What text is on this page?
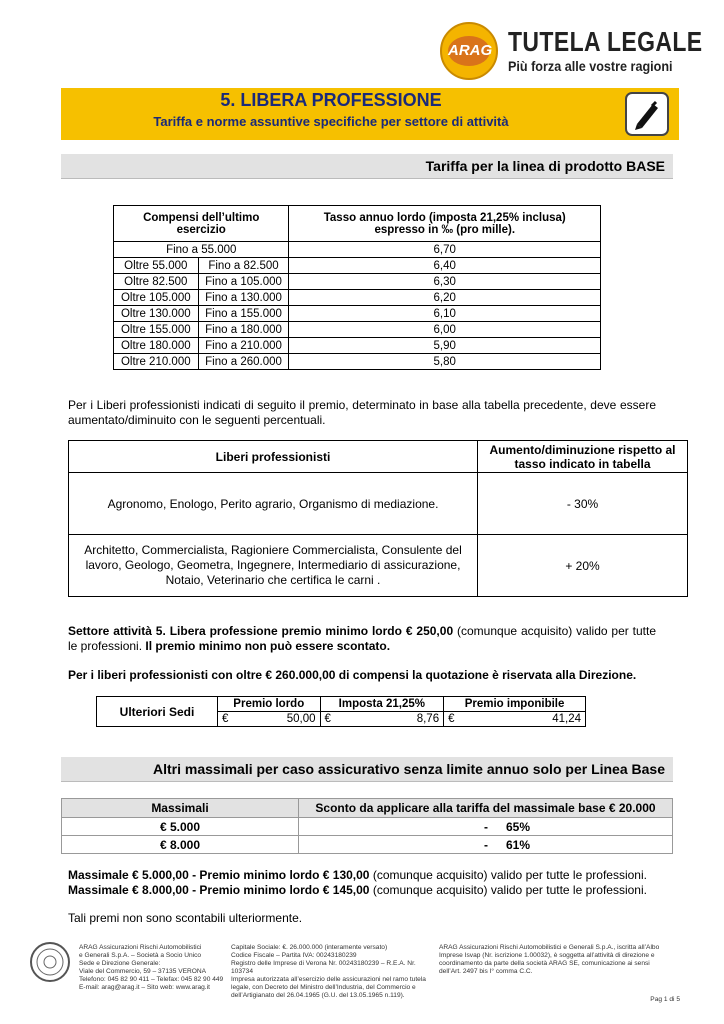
ARAG TUTELA LEGALE
Più forza alle vostre ragioni
5. LIBERA PROFESSIONE
Tariffa e norme assuntive specifiche per settore di attività
Tariffa per la linea di prodotto BASE
Compensi dell’ultimo esercizio		Tasso annuo lordo (imposta 21,25% inclusa) espresso in ‰ (pro mille).
Fino a 55.000		6,70
Oltre 55.000	Fino a 82.500	6,40
Oltre 82.500	Fino a 105.000	6,30
Oltre 105.000	Fino a 130.000	6,20
Oltre 130.000	Fino a 155.000	6,10
Oltre 155.000	Fino a 180.000	6,00
Oltre 180.000	Fino a 210.000	5,90
Oltre 210.000	Fino a 260.000	5,80
Per i Liberi professionisti indicati di seguito il premio, determinato in base alla tabella precedente, deve essere aumentato/diminuito con le seguenti percentuali.
Liberi professionisti	Aumento/diminuzione rispetto al tasso indicato in tabella
Agronomo, Enologo, Perito agrario, Organismo di mediazione.	- 30%
Architetto, Commercialista, Ragioniere Commercialista, Consulente del lavoro, Geologo, Geometra, Ingegnere, Intermediario di assicurazione, Notaio, Veterinario che certifica le carni .	+ 20%
Settore attività 5. Libera professione premio minimo lordo € 250,00 (comunque acquisito) valido per tutte le professioni. Il premio minimo non può essere scontato.
Per i liberi professionisti con oltre € 260.000,00 di compensi la quotazione è riservata alla Direzione.
Ulteriori Sedi	Premio lordo		Imposta 21,25%		Premio imponibile	
	€	50,00	€	8,76	€	41,24
Altri massimali per caso assicurativo senza limite annuo solo per Linea Base
Massimali	Sconto da applicare alla tariffa del massimale base € 20.000	
€ 5.000	-	65%
€ 8.000	-	61%
Massimale € 5.000,00 - Premio minimo lordo € 130,00 (comunque acquisito) valido per tutte le professioni.
Massimale € 8.000,00 - Premio minimo lordo € 145,00 (comunque acquisito) valido per tutte le professioni.
Tali premi non sono scontabili ulteriormente.
ARAG Assicurazioni Rischi Automobilistici
e Generali S.p.A. – Società a Socio Unico
Sede e Direzione Generale:
Viale del Commercio, 59 – 37135 VERONA
Telefono: 045 82 90 411 – Telefax: 045 82 90 449
E-mail: arag@arag.it – Sito web: www.arag.it
Capitale Sociale: €. 26.000.000 (interamente versato)
Codice Fiscale – Partita IVA: 00243180239
Registro delle Imprese di Verona Nr. 00243180239 – R.E.A. Nr.
103734
Impresa autorizzata all’esercizio delle assicurazioni nel ramo tutela
legale, con Decreto del Ministro dell’Industria, del Commercio e
dell’Artigianato del 26.04.1965 (G.U. del 13.05.1965 n.119).
ARAG Assicurazioni Rischi Automobilistici e Generali S.p.A., iscritta all’Albo
Imprese Isvap (Nr. iscrizione 1.00032), è soggetta all’attività di direzione e
coordinamento da parte della società ARAG SE, comunicazione ai sensi
dell’Art. 2497 bis I° comma C.C.
Pag 1 di 5
